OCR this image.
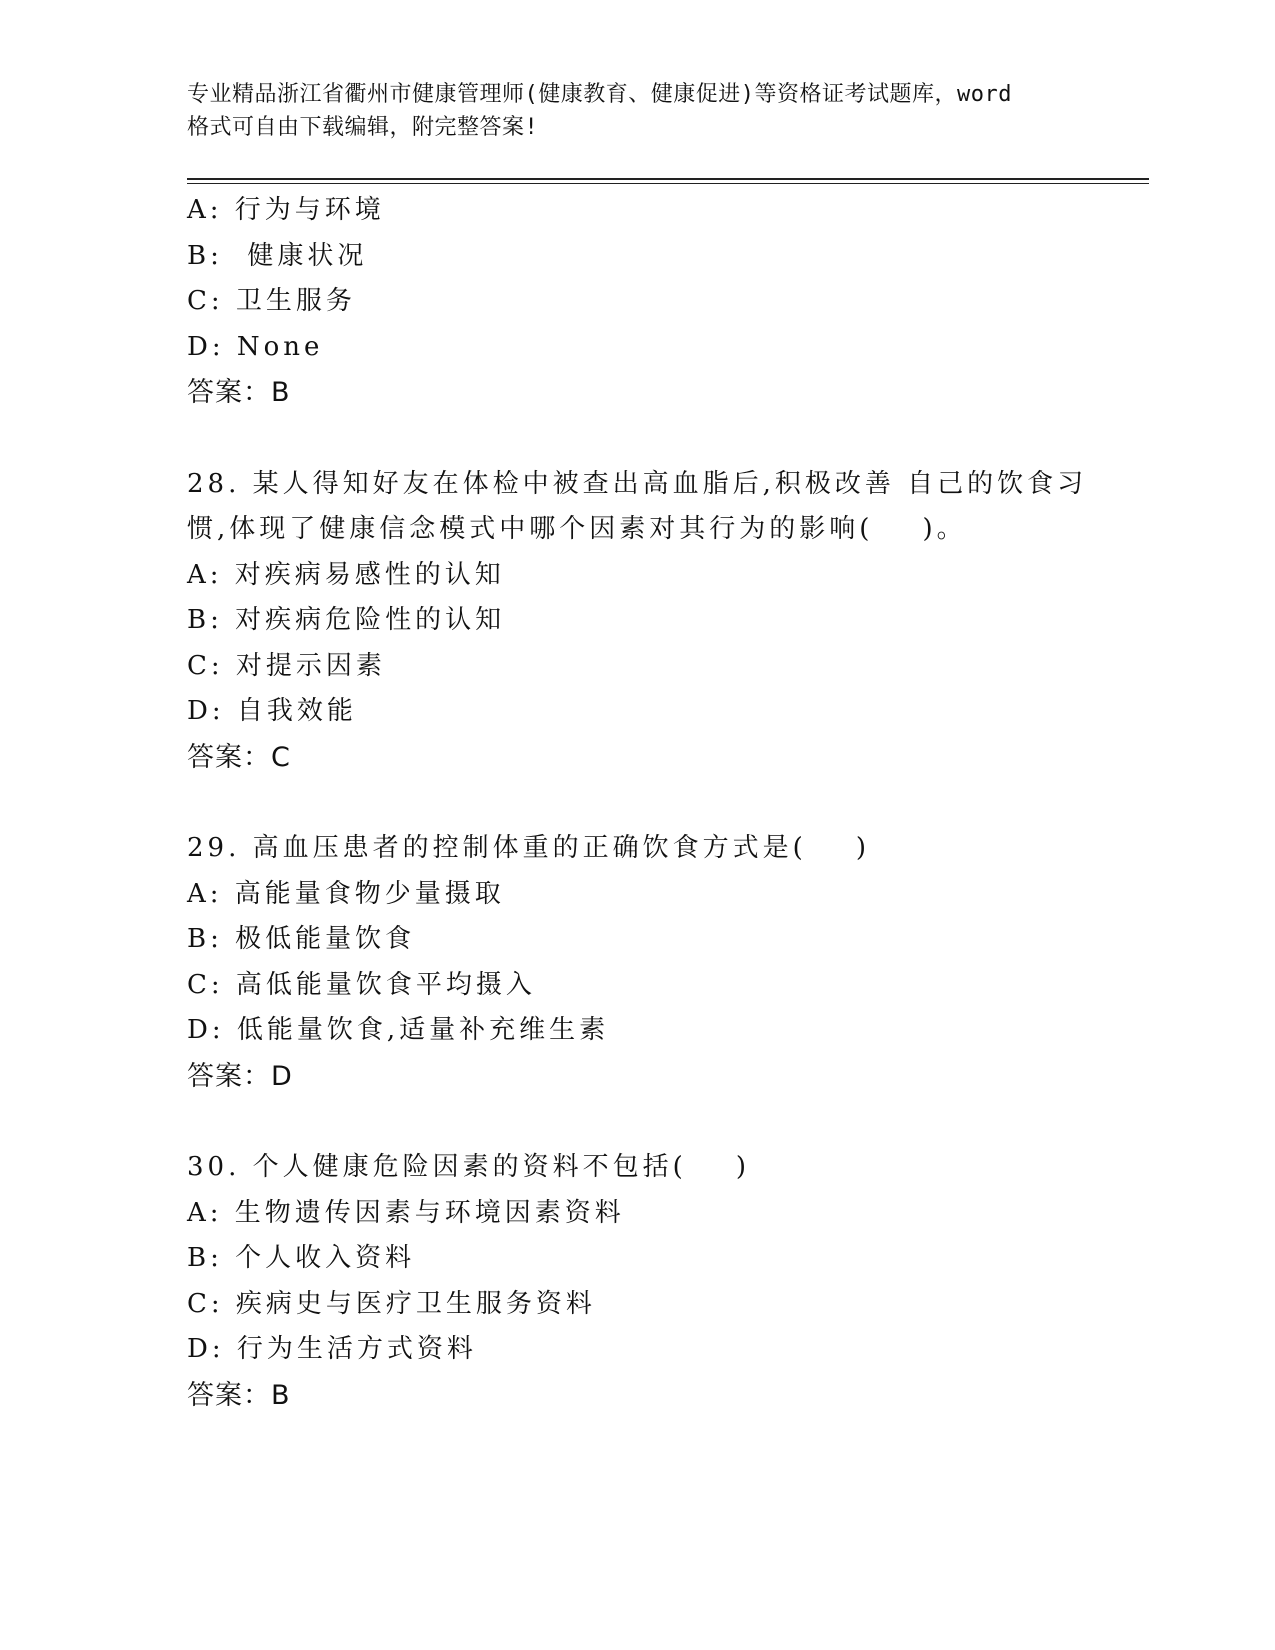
专业精品浙江省衢州市健康管理师(健康教育、健康促进)等资格证考试题库，word
格式可自由下载编辑，附完整答案!
A: 行为与环境
B:  健康状况
C: 卫生服务
D: None
答案：B
28. 某人得知好友在体检中被查出高血脂后,积极改善 自己的饮食习
惯,体现了健康信念模式中哪个因素对其行为的影响(    )。
A: 对疾病易感性的认知
B: 对疾病危险性的认知
C: 对提示因素
D: 自我效能
答案：C
29. 高血压患者的控制体重的正确饮食方式是(    )
A: 高能量食物少量摄取
B: 极低能量饮食
C: 高低能量饮食平均摄入
D: 低能量饮食,适量补充维生素
答案：D
30. 个人健康危险因素的资料不包括(    )
A: 生物遗传因素与环境因素资料
B: 个人收入资料
C: 疾病史与医疗卫生服务资料
D: 行为生活方式资料
答案：B
